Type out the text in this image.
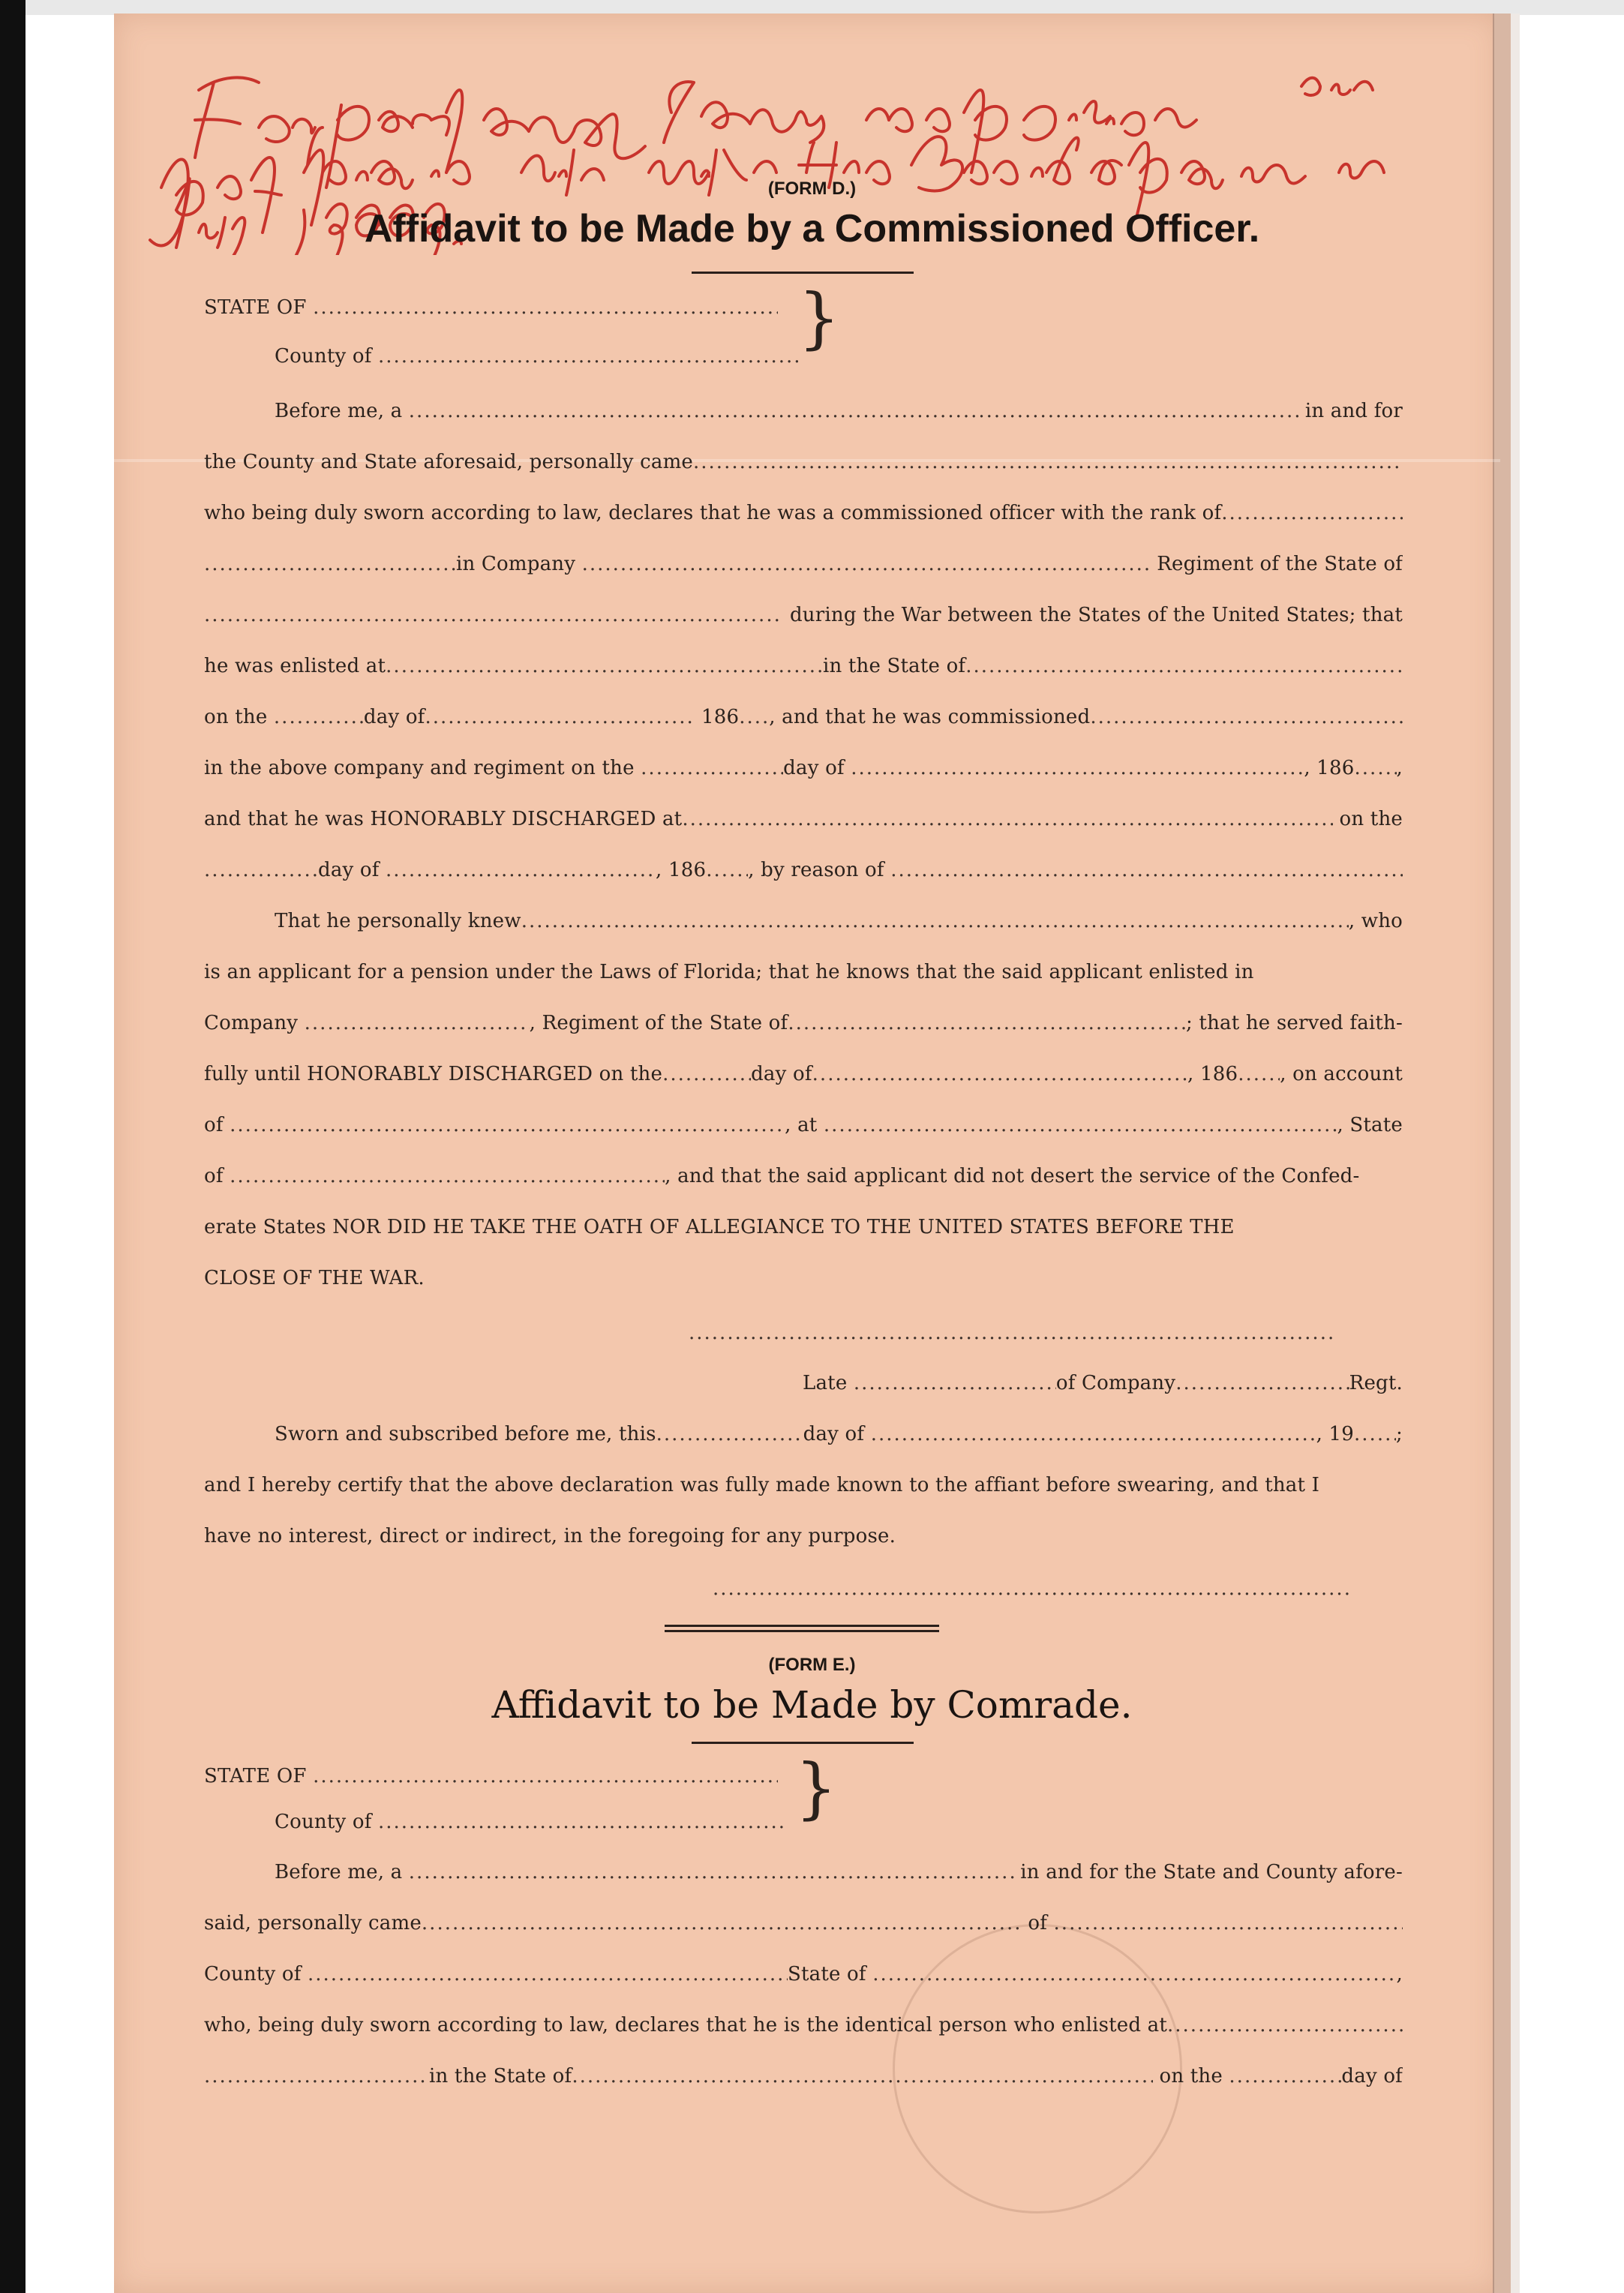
(FORM D.)
Affidavit to be Made by a Commissioned Officer.
STATE OF

.....
County of
.....	}
Before me, a
.....
	in and for
the County and State aforesaid, personally came
.....
who being duly sworn according to law, declares that he was a commissioned officer with the rank of
.....
.....
in Company
.....
	Regiment of the State of
.....

during the War between the States of the United States; that
he was enlisted at .....	in the State of
.....
on the
.....	day of .....
	186 ..... , and that he was commissioned
.....
in the above company and regiment on the
.....	day of
.....	, 186 ..... ,
and that he was HONORABLY DISCHARGED at .....
	on the
.....
day of
.....	, 186 ..... , by reason of

.....
That he personally knew .....	, who
is an applicant for a pension under the Laws of Florida; that he knows that the said applicant enlisted in
Company
.....	, Regiment of the State of .....	; that he served faith-
fully until HONORABLY DISCHARGED on the .....	day of .....	, 186 ..... , on account
of
.....	, at
.....	, State
of
.....	, and that the said applicant did not desert the service of the Confed-
erate States NOR DID HE TAKE THE OATH OF ALLEGIANCE TO THE UNITED STATES BEFORE THE
CLOSE OF THE WAR.
.....
Late
.....	of Company .....	Regt.
Sworn and subscribed before me, this .....	day of
.....	, 19 ..... ;
and I hereby certify that the above declaration was fully made known to the affiant before swearing, and that I
have no interest, direct or indirect, in the foregoing for any purpose.
.....
(FORM E.)
Affidavit to be Made by Comrade.
STATE OF

.....
County of
.....	}
Before me, a
.....
	in and for the State and County afore-
said, personally came .....
	of

.....
County of
.....	State of
.....	,
who, being duly sworn according to law, declares that he is the identical person who enlisted at
.....
.....
in the State of .....
	on the
.....	day of
